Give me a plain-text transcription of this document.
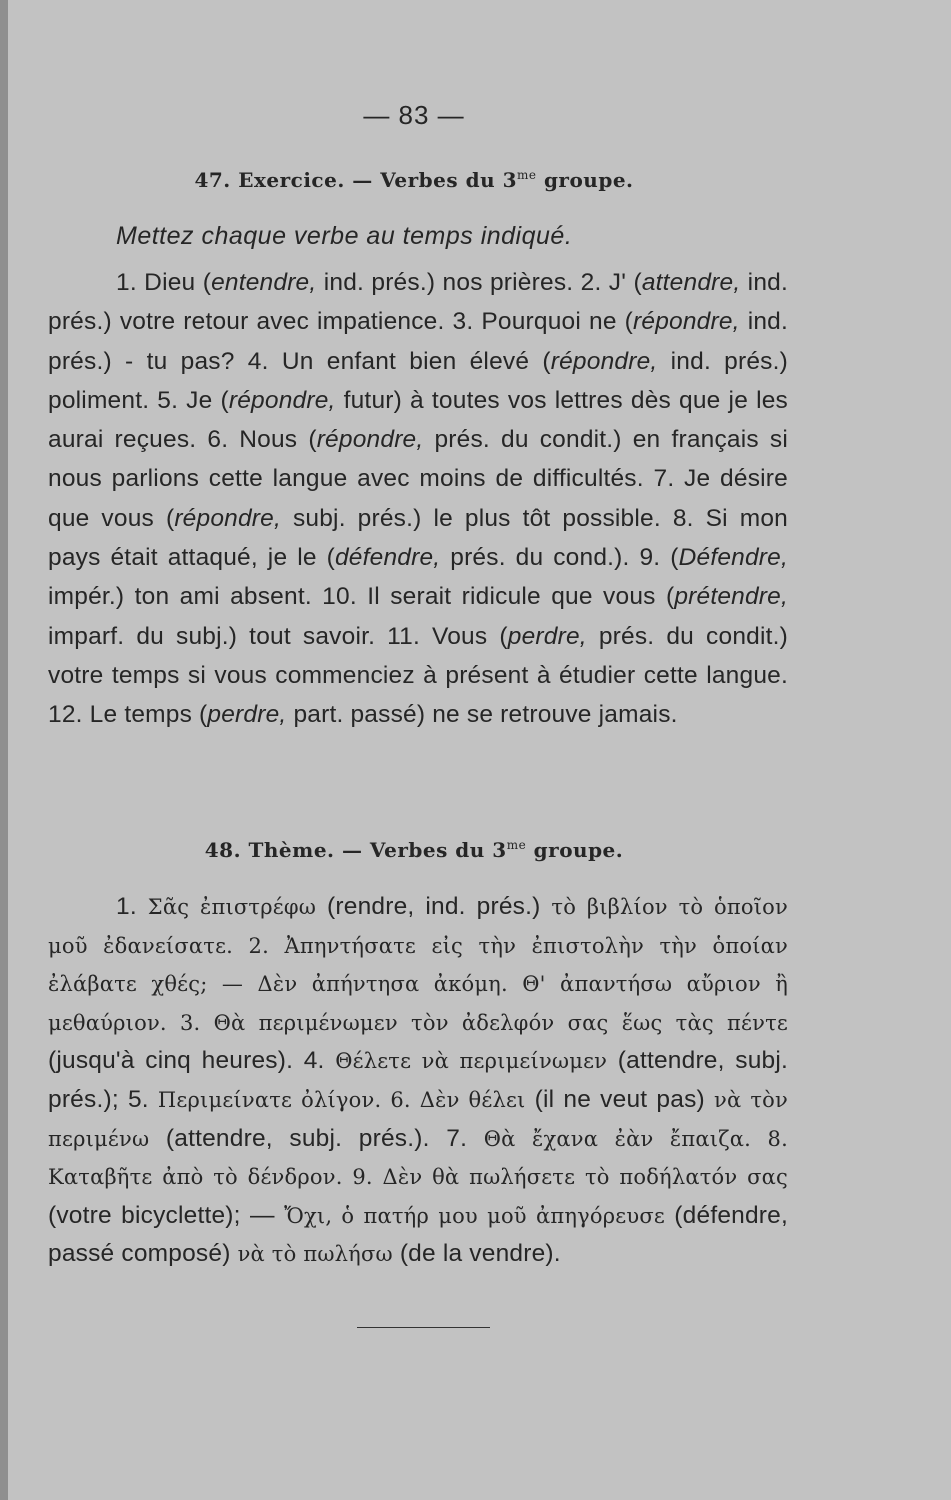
— 83 —
47. Exercice. — Verbes du $3^{me}$ groupe.
Mettez chaque verbe au temps indiqué.
1. Dieu (entendre, ind. prés.) nos prières. 2. J' (attendre, ind. prés.) votre retour avec impatience. 3. Pourquoi ne (répondre, ind. prés.) - tu pas? 4. Un enfant bien élevé (répondre, ind. prés.) poliment. 5. Je (répondre, futur) à toutes vos lettres dès que je les aurai reçues. 6. Nous (répondre, prés. du condit.) en français si nous parlions cette langue avec moins de difficultés. 7. Je désire que vous (répondre, subj. prés.) le plus tôt possible. 8. Si mon pays était attaqué, je le (défendre, prés. du cond.). 9. (Défendre, impér.) ton ami absent. 10. Il serait ridicule que vous (prétendre, imparf. du subj.) tout savoir. 11. Vous (perdre, prés. du condit.) votre temps si vous commenciez à présent à étudier cette langue. 12. Le temps (perdre, part. passé) ne se retrouve jamais.
48. Thème. — Verbes du $3^{me}$ groupe.
1. Σᾶς ἐπιστρέφω (rendre, ind. prés.) τὸ βιβλίον τὸ ὁποῖον μοῦ ἐδανείσατε. 2. Ἀπηντήσατε εἰς τὴν ἐπιστολὴν τὴν ὁποίαν ἐλάβατε χθές; — Δὲν ἀπήντησα ἀκόμη. Θ' ἀπαντήσω αὔριον ἢ μεθαύριον. 3. Θὰ περιμένωμεν τὸν ἀδελφόν σας ἕως τὰς πέντε (jusqu'à cinq heures). 4. Θέλετε νὰ περιμείνωμεν (attendre, subj. prés.); 5. Περιμείνατε ὀλίγον. 6. Δὲν θέλει (il ne veut pas) νὰ τὸν περιμένω (attendre, subj. prés.). 7. Θὰ ἔχανα ἐὰν ἔπαιζα. 8. Καταβῆτε ἀπὸ τὸ δένδρον. 9. Δὲν θὰ πωλήσετε τὸ ποδήλατόν σας (votre bicyclette); — Ὄχι, ὁ πατήρ μου μοῦ ἀπηγόρευσε (défendre, passé composé) νὰ τὸ πωλήσω (de la vendre).
